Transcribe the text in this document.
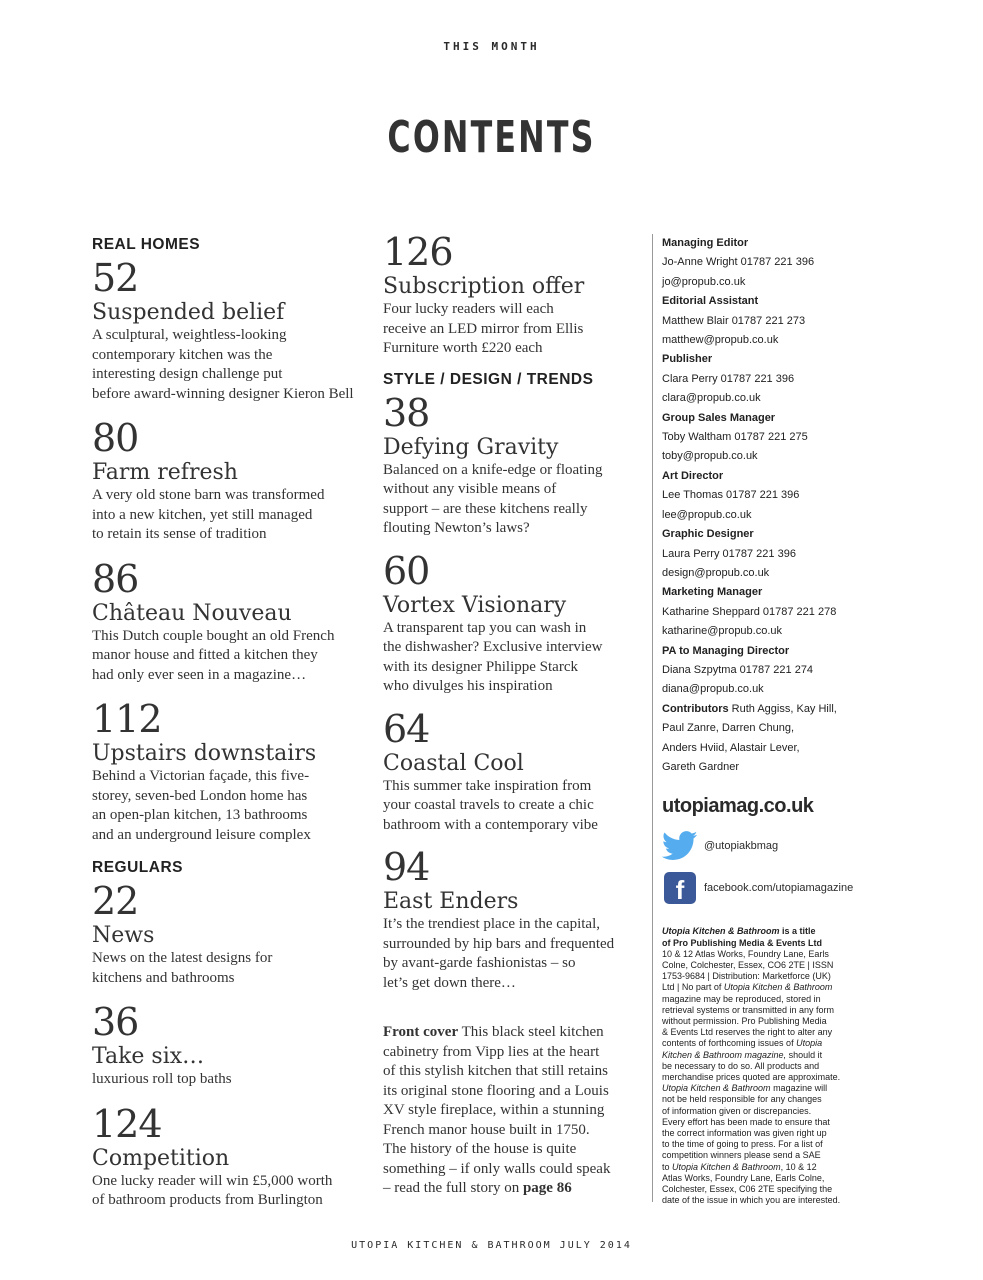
THIS MONTH
CONTENTS
REAL HOMES
52
Suspended belief
A sculptural, weightless-looking
contemporary kitchen was the
interesting design challenge put
before award-winning designer Kieron Bell
80
Farm refresh
A very old stone barn was transformed
into a new kitchen, yet still managed
to retain its sense of tradition
86
Château Nouveau
This Dutch couple bought an old French
manor house and fitted a kitchen they
had only ever seen in a magazine…
112
Upstairs downstairs
Behind a Victorian façade, this five-
storey, seven-bed London home has
an open-plan kitchen, 13 bathrooms
and an underground leisure complex
REGULARS
22
News
News on the latest designs for
kitchens and bathrooms
36
Take six…
luxurious roll top baths
124
Competition
One lucky reader will win £5,000 worth
of bathroom products from Burlington
126
Subscription offer
Four lucky readers will each
receive an LED mirror from Ellis
Furniture worth £220 each
STYLE / DESIGN / TRENDS
38
Defying Gravity
Balanced on a knife-edge or floating
without any visible means of
support – are these kitchens really
flouting Newton’s laws?
60
Vortex Visionary
A transparent tap you can wash in
the dishwasher? Exclusive interview
with its designer Philippe Starck
who divulges his inspiration
64
Coastal Cool
This summer take inspiration from
your coastal travels to create a chic
bathroom with a contemporary vibe
94
East Enders
It’s the trendiest place in the capital,
surrounded by hip bars and frequented
by avant-garde fashionistas – so
let’s get down there…
Front cover This black steel kitchen
cabinetry from Vipp lies at the heart
of this stylish kitchen that still retains
its original stone flooring and a Louis
XV style fireplace, within a stunning
French manor house built in 1750.
The history of the house is quite
something – if only walls could speak
– read the full story on page 86
Managing Editor
Jo-Anne Wright 01787 221 396
jo@propub.co.uk
Editorial Assistant
Matthew Blair 01787 221 273
matthew@propub.co.uk
Publisher
Clara Perry 01787 221 396
clara@propub.co.uk
Group Sales Manager
Toby Waltham 01787 221 275
toby@propub.co.uk
Art Director
Lee Thomas 01787 221 396
lee@propub.co.uk
Graphic Designer
Laura Perry 01787 221 396
design@propub.co.uk
Marketing Manager
Katharine Sheppard 01787 221 278
katharine@propub.co.uk
PA to Managing Director
Diana Szpytma 01787 221 274
diana@propub.co.uk
Contributors Ruth Aggiss, Kay Hill,
Paul Zanre, Darren Chung,
Anders Hviid, Alastair Lever,
Gareth Gardner
utopiamag.co.uk
@utopiakbmag
f	facebook.com/utopiamagazine
Utopia Kitchen & Bathroom is a title
of Pro Publishing Media & Events Ltd
10 & 12 Atlas Works, Foundry Lane, Earls
Colne, Colchester, Essex, CO6 2TE | ISSN
1753-9684 | Distribution: Marketforce (UK)
Ltd | No part of Utopia Kitchen & Bathroom
magazine may be reproduced, stored in
retrieval systems or transmitted in any form
without permission. Pro Publishing Media
& Events Ltd reserves the right to alter any
contents of forthcoming issues of Utopia
Kitchen & Bathroom magazine, should it
be necessary to do so. All products and
merchandise prices quoted are approximate.
Utopia Kitchen & Bathroom magazine will
not be held responsible for any changes
of information given or discrepancies.
Every effort has been made to ensure that
the correct information was given right up
to the time of going to press. For a list of
competition winners please send a SAE
to Utopia Kitchen & Bathroom, 10 & 12
Atlas Works, Foundry Lane, Earls Colne,
Colchester, Essex, C06 2TE specifying the
date of the issue in which you are interested.

UTOPIA KITCHEN & BATHROOM JULY 2014
